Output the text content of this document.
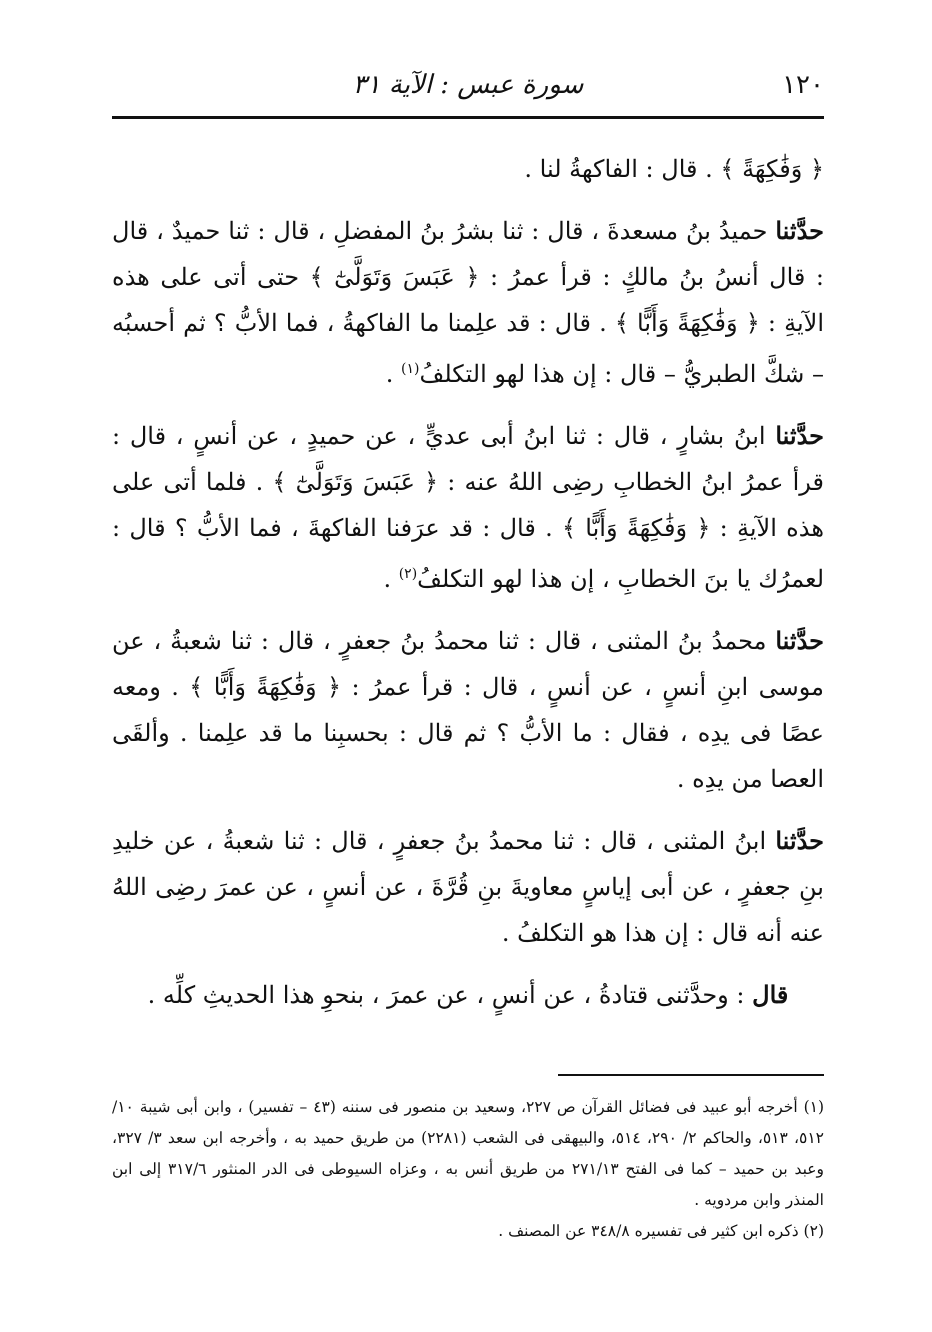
١٢٠
سورة عبس : الآية ٣١

﴿ وَفَٰكِهَةً ﴾ . قال : الفاكهةُ لنا .

حدَّثنا حميدُ بنُ مسعدةَ ، قال : ثنا بشرُ بنُ المفضلِ ، قال : ثنا حميدٌ ، قال : قال أنسُ بنُ مالكٍ : قرأ عمرُ : ﴿ عَبَسَ وَتَوَلَّىٰٓ ﴾ حتى أتى على هذه الآيةِ : ﴿ وَفَٰكِهَةً وَأَبًّا ﴾ . قال : قد علِمنا ما الفاكهةُ ، فما الأبُّ ؟ ثم أحسبُه – شكَّ الطبريُّ – قال : إن هذا لهو التكلفُ$^{(١)}$ .

حدَّثنا ابنُ بشارٍ ، قال : ثنا ابنُ أبى عديٍّ ، عن حميدٍ ، عن أنسٍ ، قال : قرأ عمرُ ابنُ الخطابِ رضِى اللهُ عنه : ﴿ عَبَسَ وَتَوَلَّىٰٓ ﴾ . فلما أتى على هذه الآيةِ : ﴿ وَفَٰكِهَةً وَأَبًّا ﴾ . قال : قد عرَفنا الفاكهةَ ، فما الأبُّ ؟ قال : لعمرُك يا بنَ الخطابِ ، إن هذا لهو التكلفُ$^{(٢)}$ .

حدَّثنا محمدُ بنُ المثنى ، قال : ثنا محمدُ بنُ جعفرٍ ، قال : ثنا شعبةُ ، عن موسى ابنِ أنسٍ ، عن أنسٍ ، قال : قرأ عمرُ : ﴿ وَفَٰكِهَةً وَأَبًّا ﴾ . ومعه عصًا فى يدِه ، فقال : ما الأبُّ ؟ ثم قال : بحسبِنا ما قد علِمنا . وألقَى العصا من يدِه .

حدَّثنا ابنُ المثنى ، قال : ثنا محمدُ بنُ جعفرٍ ، قال : ثنا شعبةُ ، عن خليدِ بنِ جعفرٍ ، عن أبى إياسٍ معاويةَ بنِ قُرَّةَ ، عن أنسٍ ، عن عمرَ رضِى اللهُ عنه أنه قال : إن هذا هو التكلفُ .

قال : وحدَّثنى قتادةُ ، عن أنسٍ ، عن عمرَ ، بنحوِ هذا الحديثِ كلِّه .

(١) أخرجه أبو عبيد فى فضائل القرآن ص ٢٢٧، وسعيد بن منصور فى سننه (٤٣ – تفسير) ، وابن أبى شيبة ١٠/ ٥١٢، ٥١٣، والحاكم ٢/ ٢٩٠، ٥١٤، والبيهقى فى الشعب (٢٢٨١) من طريق حميد به ، وأخرجه ابن سعد ٣/ ٣٢٧، وعبد بن حميد – كما فى الفتح ٢٧١/١٣ من طريق أنس به ، وعزاه السيوطى فى الدر المنثور ٣١٧/٦ إلى ابن المنذر وابن مردويه .

(٢) ذكره ابن كثير فى تفسيره ٣٤٨/٨ عن المصنف .
